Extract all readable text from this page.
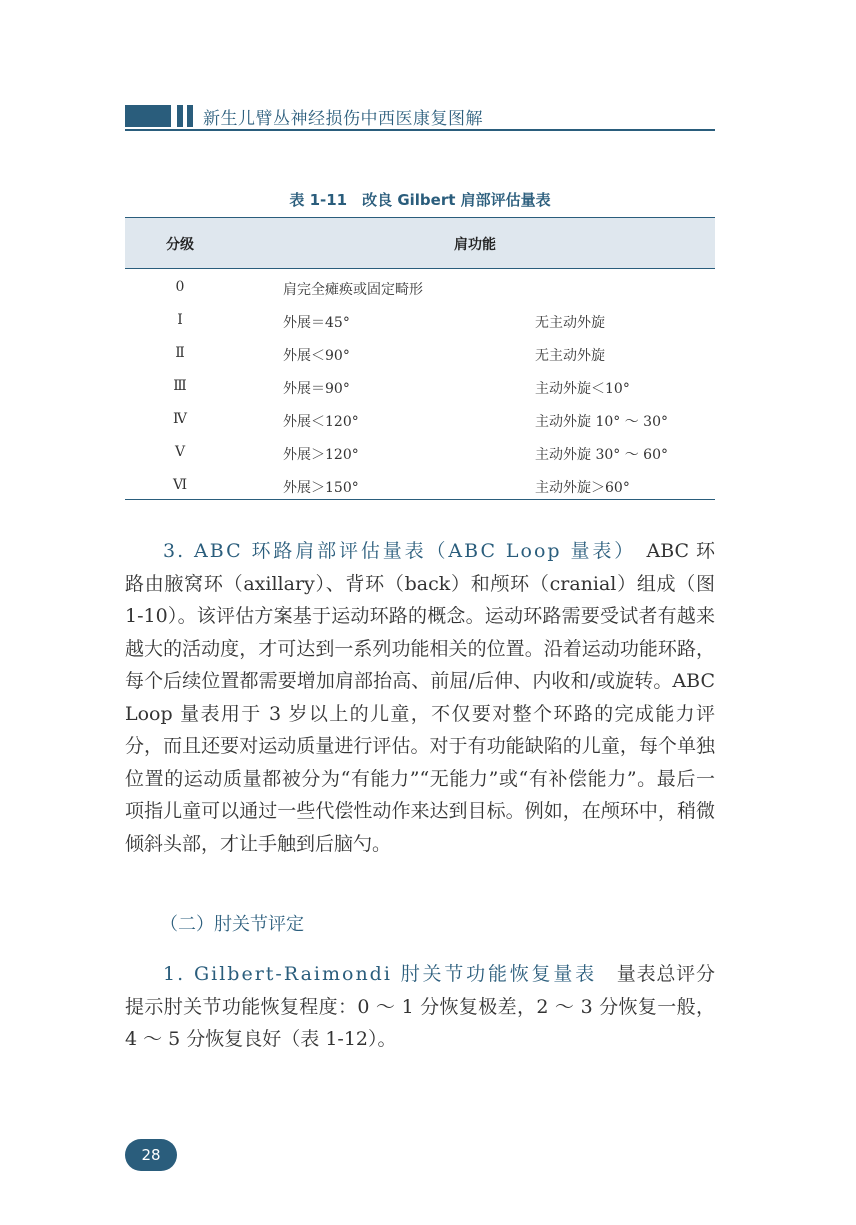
新生儿臂丛神经损伤中西医康复图解
表 1-11　改良 Gilbert 肩部评估量表
分级	肩功能
0	肩完全瘫痪或固定畸形
Ⅰ	外展＝45°	无主动外旋
Ⅱ	外展＜90°	无主动外旋
Ⅲ	外展＝90°	主动外旋＜10°
Ⅳ	外展＜120°	主动外旋 10° ～ 30°
Ⅴ	外展＞120°	主动外旋 30° ～ 60°
Ⅵ	外展＞150°	主动外旋＞60°

3. ABC 环路肩部评估量表（ABC Loop 量表）　 ABC 环路由腋窝环（axillary）、背环（back）和颅环（cranial）组成（图 1-10）。该评估方案基于运动环路的概念。运动环路需要受试者有越来越大的活动度，才可达到一系列功能相关的位置。沿着运动功能环路，每个后续位置都需要增加肩部抬高、前屈/后伸、内收和/或旋转。ABC Loop 量表用于 3 岁以上的儿童，不仅要对整个环路的完成能力评分，而且还要对运动质量进行评估。对于有功能缺陷的儿童，每个单独位置的运动质量都被分为“有能力”“无能力”或“有补偿能力”。最后一项指儿童可以通过一些代偿性动作来达到目标。例如，在颅环中，稍微倾斜头部，才让手触到后脑勺。

（二）肘关节评定

1. Gilbert-Raimondi 肘关节功能恢复量表　 量表总评分提示肘关节功能恢复程度：0 ～ 1 分恢复极差，2 ～ 3 分恢复一般，4 ～ 5 分恢复良好（表 1-12）。

28
